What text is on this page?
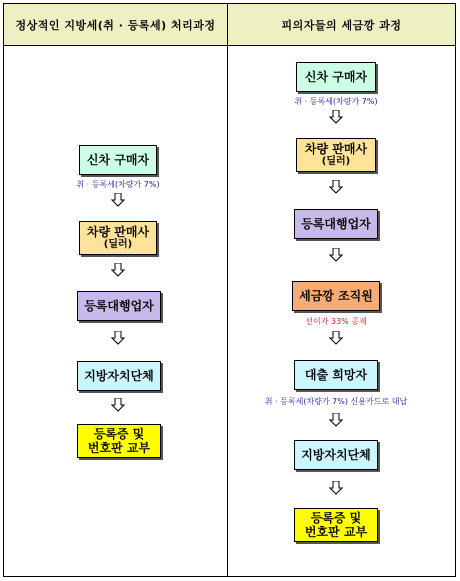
정상적인 지방세(취 · 등록세) 처리과정	피의자들의 세금깡 과정
신차 구매자
취 · 등록세(차량가 7%)
차량 판매사
(딜러)
등록대행업자
지방자치단체
등록증 및
번호판 교부
신차 구매자
취 · 등록세(차량가 7%)
차량 판매사
(딜러)
등록대행업자
세금깡 조직원
선이자 33% 공제
대출 희망자
취 · 등록세(차량가 7%) 신용카드로 대납
지방자치단체
등록증 및
번호판 교부
